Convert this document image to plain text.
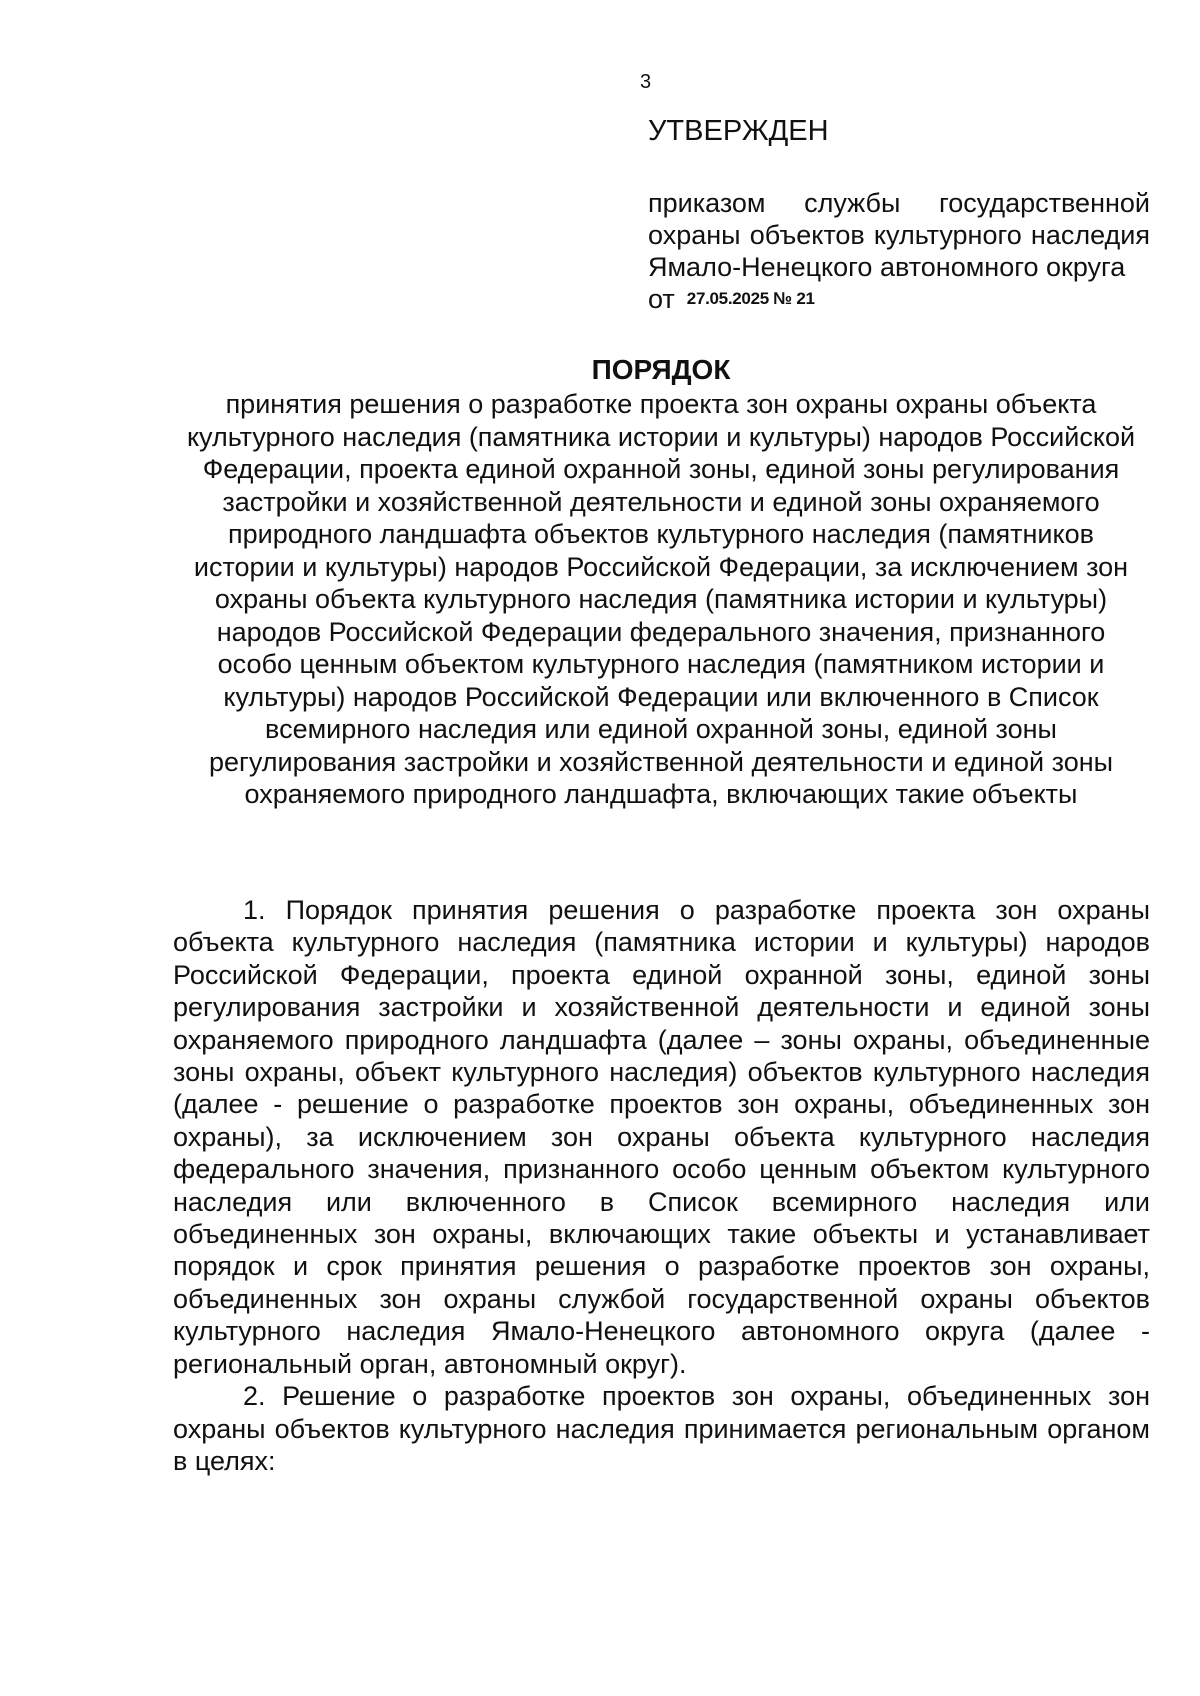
3

УТВЕРЖДЕН

приказом службы государственной охраны объектов культурного наследия Ямало-Ненецкого автономного округа

от 27.05.2025 № 21

ПОРЯДОК

принятия решения о разработке проекта зон охраны охраны объекта культурного наследия (памятника истории и культуры) народов Российской Федерации, проекта единой охранной зоны, единой зоны регулирования застройки и хозяйственной деятельности и единой зоны охраняемого природного ландшафта объектов культурного наследия (памятников истории и культуры) народов Российской Федерации, за исключением зон охраны объекта культурного наследия (памятника истории и культуры) народов Российской Федерации федерального значения, признанного особо ценным объектом культурного наследия (памятником истории и культуры) народов Российской Федерации или включенного в Список всемирного наследия или единой охранной зоны, единой зоны регулирования застройки и хозяйственной деятельности и единой зоны охраняемого природного ландшафта, включающих такие объекты

1. Порядок принятия решения о разработке проекта зон охраны объекта культурного наследия (памятника истории и культуры) народов Российской Федерации, проекта единой охранной зоны, единой зоны регулирования застройки и хозяйственной деятельности и единой зоны охраняемого природного ландшафта (далее – зоны охраны, объединенные зоны охраны, объект культурного наследия) объектов культурного наследия (далее - решение о разработке проектов зон охраны, объединенных зон охраны), за исключением зон охраны объекта культурного наследия федерального значения, признанного особо ценным объектом культурного наследия или включенного в Список всемирного наследия или объединенных зон охраны, включающих такие объекты и устанавливает порядок и срок принятия решения о разработке проектов зон охраны, объединенных зон охраны службой государственной охраны объектов культурного наследия Ямало-Ненецкого автономного округа (далее - региональный орган, автономный округ).

2. Решение о разработке проектов зон охраны, объединенных зон охраны объектов культурного наследия принимается региональным органом в целях:
